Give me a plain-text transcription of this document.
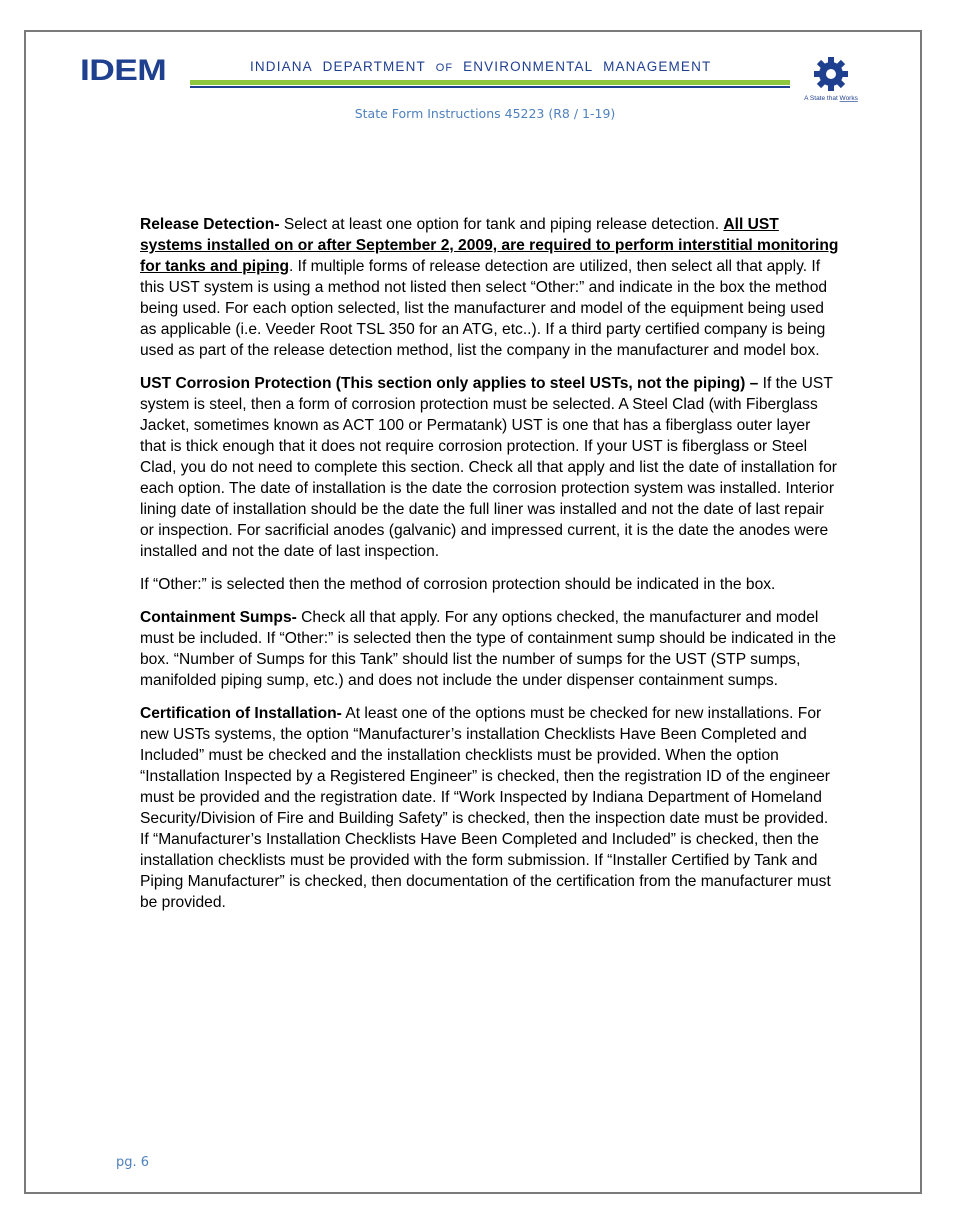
IDEM	INDIANA DEPARTMENT OF ENVIRONMENTAL MANAGEMENT
A State that Works
State Form Instructions 45223 (R8 / 1-19)

Release Detection- Select at least one option for tank and piping release detection. All UST systems installed on or after September 2, 2009, are required to perform interstitial monitoring for tanks and piping. If multiple forms of release detection are utilized, then select all that apply. If this UST system is using a method not listed then select “Other:” and indicate in the box the method being used. For each option selected, list the manufacturer and model of the equipment being used as applicable (i.e. Veeder Root TSL 350 for an ATG, etc..). If a third party certified company is being used as part of the release detection method, list the company in the manufacturer and model box.

UST Corrosion Protection (This section only applies to steel USTs, not the piping) – If the UST system is steel, then a form of corrosion protection must be selected. A Steel Clad (with Fiberglass Jacket, sometimes known as ACT 100 or Permatank) UST is one that has a fiberglass outer layer that is thick enough that it does not require corrosion protection. If your UST is fiberglass or Steel Clad, you do not need to complete this section. Check all that apply and list the date of installation for each option. The date of installation is the date the corrosion protection system was installed. Interior lining date of installation should be the date the full liner was installed and not the date of last repair or inspection. For sacrificial anodes (galvanic) and impressed current, it is the date the anodes were installed and not the date of last inspection.

If “Other:” is selected then the method of corrosion protection should be indicated in the box.

Containment Sumps- Check all that apply. For any options checked, the manufacturer and model must be included. If “Other:” is selected then the type of containment sump should be indicated in the box. “Number of Sumps for this Tank” should list the number of sumps for the UST (STP sumps, manifolded piping sump, etc.) and does not include the under dispenser containment sumps.

Certification of Installation- At least one of the options must be checked for new installations. For new USTs systems, the option “Manufacturer’s installation Checklists Have Been Completed and Included” must be checked and the installation checklists must be provided. When the option “Installation Inspected by a Registered Engineer” is checked, then the registration ID of the engineer must be provided and the registration date. If “Work Inspected by Indiana Department of Homeland Security/Division of Fire and Building Safety” is checked, then the inspection date must be provided. If “Manufacturer’s Installation Checklists Have Been Completed and Included” is checked, then the installation checklists must be provided with the form submission. If “Installer Certified by Tank and Piping Manufacturer” is checked, then documentation of the certification from the manufacturer must be provided.

pg. 6
